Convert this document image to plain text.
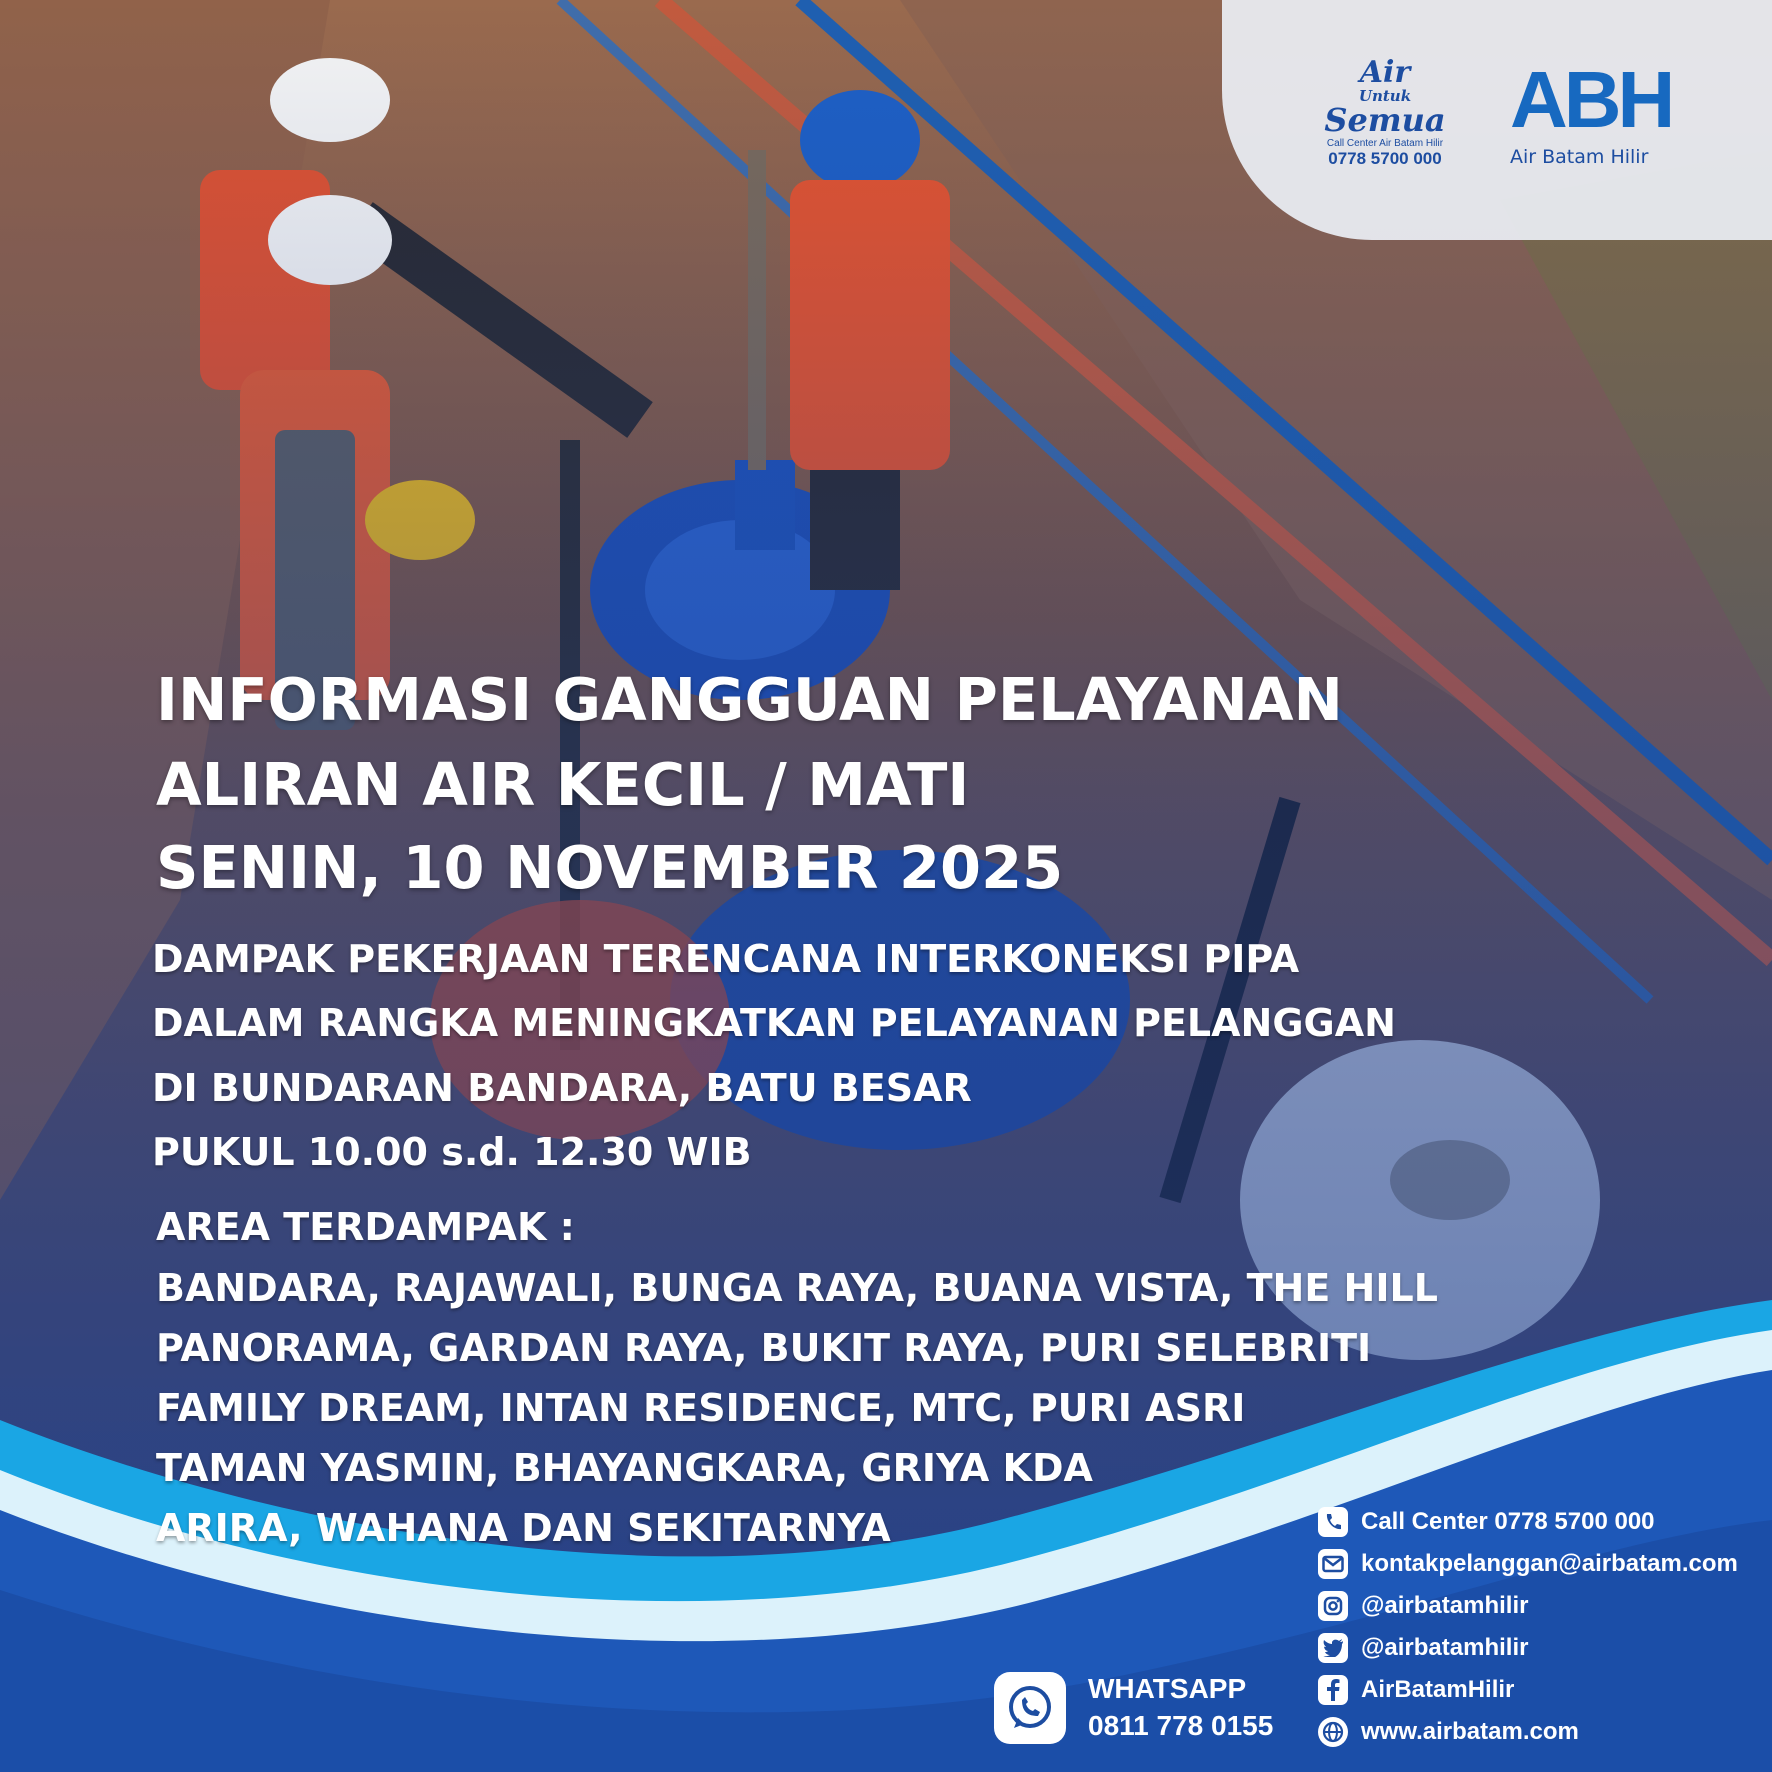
Air
Untuk
Semua
Call Center Air Batam Hilir
0778 5700 000
ABH
Air Batam Hilir
INFORMASI GANGGUAN PELAYANAN
ALIRAN AIR KECIL / MATI
SENIN, 10 NOVEMBER 2025
DAMPAK PEKERJAAN TERENCANA INTERKONEKSI PIPA
DALAM RANGKA MENINGKATKAN PELAYANAN PELANGGAN
DI BUNDARAN BANDARA, BATU BESAR
PUKUL 10.00 s.d. 12.30 WIB
AREA TERDAMPAK :
BANDARA, RAJAWALI, BUNGA RAYA, BUANA VISTA, THE HILL
PANORAMA, GARDAN RAYA, BUKIT RAYA, PURI SELEBRITI
FAMILY DREAM, INTAN RESIDENCE, MTC, PURI ASRI
TAMAN YASMIN, BHAYANGKARA, GRIYA KDA
ARIRA, WAHANA DAN SEKITARNYA
WHATSAPP
0811 778 0155
Call Center 0778 5700 000
kontakpelanggan@airbatam.com
@airbatamhilir
@airbatamhilir
AirBatamHilir
www.airbatam.com
